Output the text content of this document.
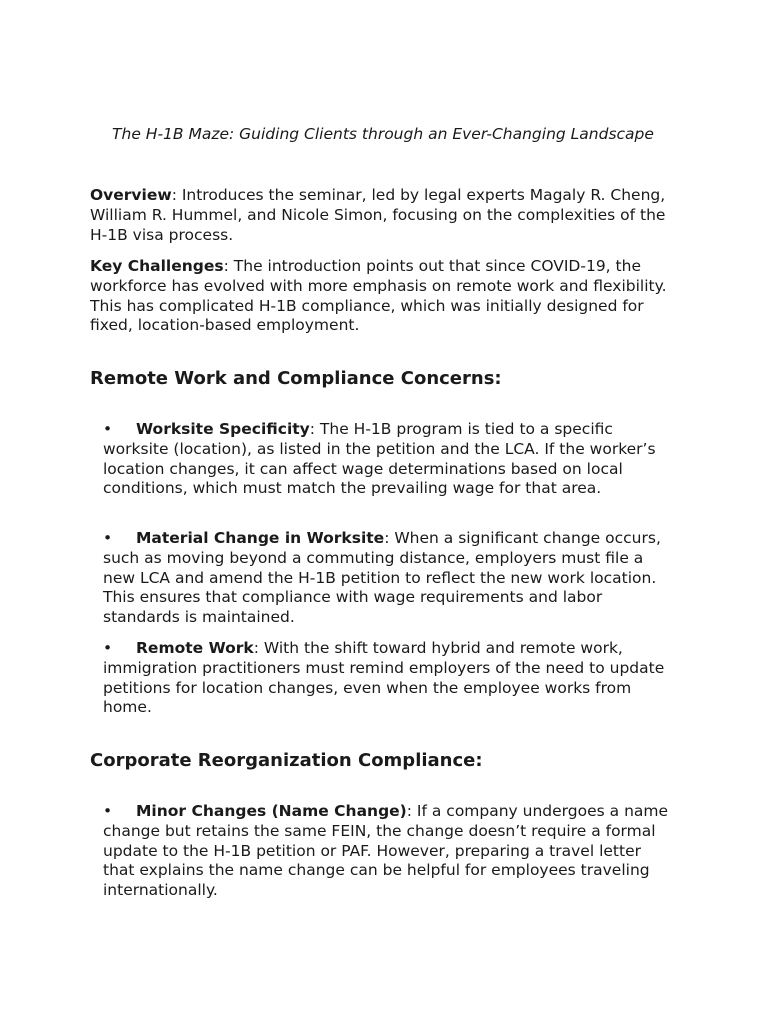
The H-1B Maze: Guiding Clients through an Ever-Changing Landscape

Overview: Introduces the seminar, led by legal experts Magaly R. Cheng, William R. Hummel, and Nicole Simon, focusing on the complexities of the H-1B visa process.

Key Challenges: The introduction points out that since COVID-19, the workforce has evolved with more emphasis on remote work and flexibility. This has complicated H-1B compliance, which was initially designed for fixed, location-based employment.

Remote Work and Compliance Concerns:

• Worksite Specificity: The H-1B program is tied to a specific worksite (location), as listed in the petition and the LCA. If the worker’s location changes, it can affect wage determinations based on local conditions, which must match the prevailing wage for that area.

• Material Change in Worksite: When a significant change occurs, such as moving beyond a commuting distance, employers must file a new LCA and amend the H-1B petition to reflect the new work location. This ensures that compliance with wage requirements and labor standards is maintained.

• Remote Work: With the shift toward hybrid and remote work, immigration practitioners must remind employers of the need to update petitions for location changes, even when the employee works from home.

Corporate Reorganization Compliance:

• Minor Changes (Name Change): If a company undergoes a name change but retains the same FEIN, the change doesn’t require a formal update to the H-1B petition or PAF. However, preparing a travel letter that explains the name change can be helpful for employees traveling internationally.
